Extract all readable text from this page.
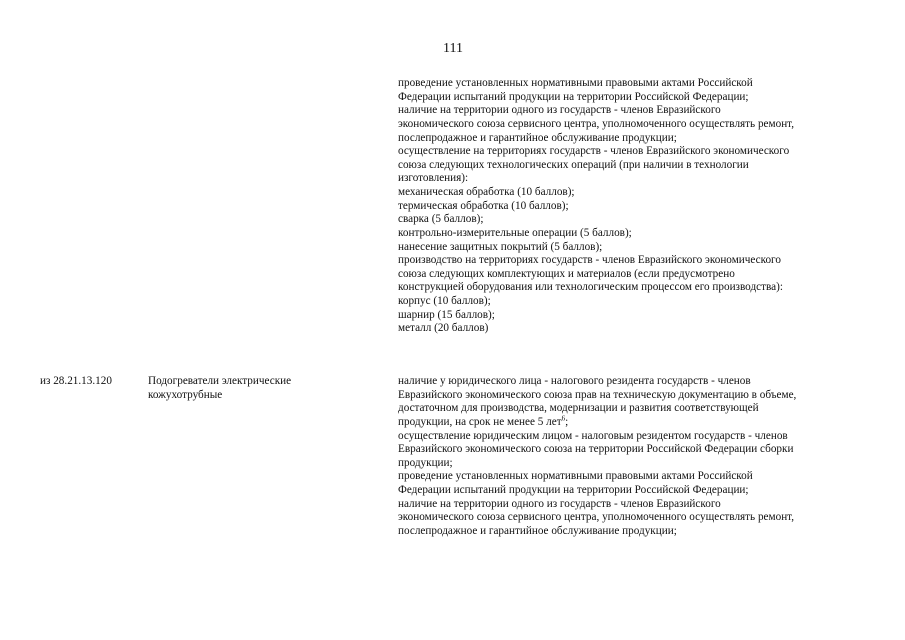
111
проведение установленных нормативными правовыми актами Российской
Федерации испытаний продукции на территории Российской Федерации;
наличие на территории одного из государств - членов Евразийского
экономического союза сервисного центра, уполномоченного осуществлять ремонт,
послепродажное и гарантийное обслуживание продукции;
осуществление на территориях государств - членов Евразийского экономического
союза следующих технологических операций (при наличии в технологии
изготовления):
механическая обработка (10 баллов);
термическая обработка (10 баллов);
сварка (5 баллов);
контрольно-измерительные операции (5 баллов);
нанесение защитных покрытий (5 баллов);
производство на территориях государств - членов Евразийского экономического
союза следующих комплектующих и материалов (если предусмотрено
конструкцией оборудования или технологическим процессом его производства):
корпус (10 баллов);
шарнир (15 баллов);
металл (20 баллов)
из 28.21.13.120	Подогреватели электрические
кожухотрубные
наличие у юридического лица - налогового резидента государств - членов
Евразийского экономического союза прав на техническую документацию в объеме,
достаточном для производства, модернизации и развития соответствующей
продукции, на срок не менее 5 лет$^6$;
осуществление юридическим лицом - налоговым резидентом государств - членов
Евразийского экономического союза на территории Российской Федерации сборки
продукции;
проведение установленных нормативными правовыми актами Российской
Федерации испытаний продукции на территории Российской Федерации;
наличие на территории одного из государств - членов Евразийского
экономического союза сервисного центра, уполномоченного осуществлять ремонт,
послепродажное и гарантийное обслуживание продукции;
